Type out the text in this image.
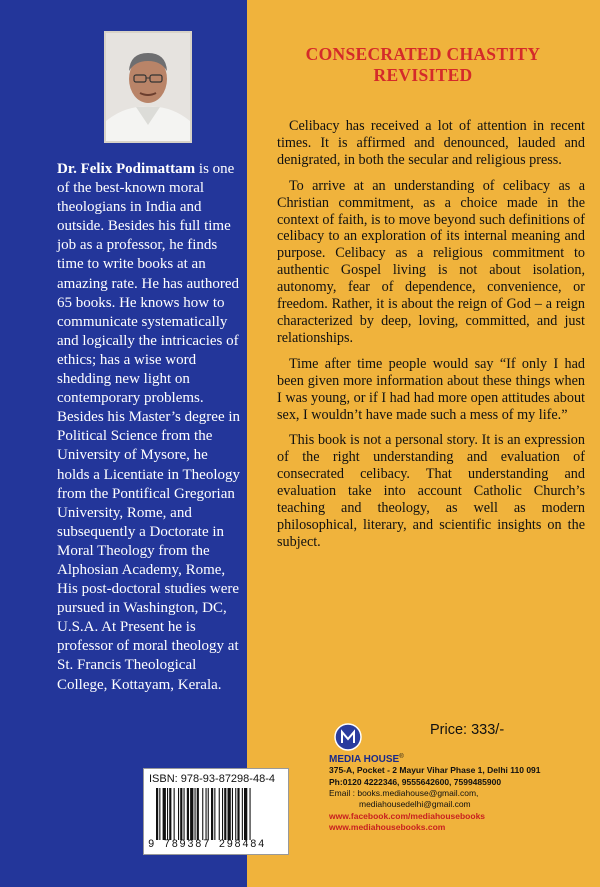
Dr. Felix Podimattam is one of the best-known moral theologians in India and outside. Besides his full time job as a professor, he finds time to write books at an amazing rate. He has authored 65 books. He knows how to communicate systematically and logically the intricacies of ethics; has a wise word shedding new light on contemporary problems. Besides his Master’s degree in Political Science from the University of Mysore, he holds a Licentiate in Theology from the Pontifical Gregorian University, Rome, and subsequently a Doctorate in Moral Theology from the Alphosian Academy, Rome, His post-doctoral studies were pursued in Washington, DC, U.S.A. At Present he is professor of moral theology at St. Francis Theological College, Kottayam, Kerala.
CONSECRATED CHASTITY
REVISITED

Celibacy has received a lot of attention in recent times. It is affirmed and denounced, lauded and denigrated, in both the secular and religious press.

To arrive at an understanding of celibacy as a Christian commitment, as a choice made in the context of faith, is to move beyond such definitions of celibacy to an exploration of its internal meaning and purpose. Celibacy as a religious commitment to authentic Gospel living is not about isolation, autonomy, fear of dependence, convenience, or freedom. Rather, it is about the reign of God – a reign characterized by deep, loving, committed, and just relationships.

Time after time people would say “If only I had been given more information about these things when I was young, or if I had had more open attitudes about sex, I wouldn’t have made such a mess of my life.”

This book is not a personal story. It is an expression of the right understanding and evaluation of consecrated celibacy. That understanding and evaluation take into account Catholic Church’s teaching and theology, as well as modern philosophical, literary, and scientific insights on the subject.

ISBN: 978-93-87298-48-4
9 789387 298484
Price: 333/-
MEDIA HOUSE®
375-A, Pocket - 2 Mayur Vihar Phase 1, Delhi 110 091
Ph:0120 4222346, 9555642600, 7599485900
Email : books.mediahouse@gmail.com,
mediahousedelhi@gmail.com
www.facebook.com/mediahousebooks
www.mediahousebooks.com
